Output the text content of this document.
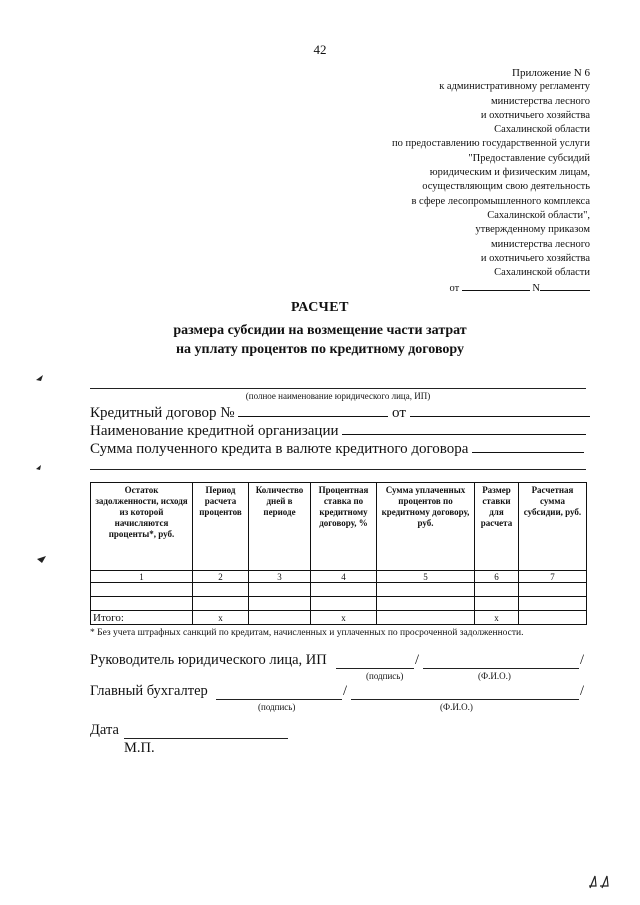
42
Приложение N 6
к административному регламенту
министерства лесного
и охотничьего хозяйства
Сахалинской области
по предоставлению государственной услуги
"Предоставление субсидий
юридическим и физическим лицам,
осуществляющим свою деятельность
в сфере лесопромышленного комплекса
Сахалинской области",
утвержденному приказом
министерства лесного
и охотничьего хозяйства
Сахалинской области
от	N
РАСЧЕТ
размера субсидии на возмещение части затрат
на уплату процентов по кредитному договору
(полное наименование юридического лица, ИП)
Кредитный договор №	от
Наименование кредитной организации
Сумма полученного кредита в валюте кредитного договора
Остаток задолженности, исходя из которой начисляются проценты*, руб.	Период расчета процентов	Количество дней в периоде	Процентная ставка по кредитному договору, %	Сумма уплаченных процентов по кредитному договору, руб.	Размер ставки для расчета	Расчетная сумма субсидии, руб.
1	2	3	4	5	6	7

Итого:	х		х		х	
* Без учета штрафных санкций по кредитам, начисленных и уплаченных по просроченной задолженности.
Руководитель юридического лица, ИП	/	/
(подпись)	(Ф.И.О.)
Главный бухгалтер	/	/
(подпись)	(Ф.И.О.)
Дата
М.П.
